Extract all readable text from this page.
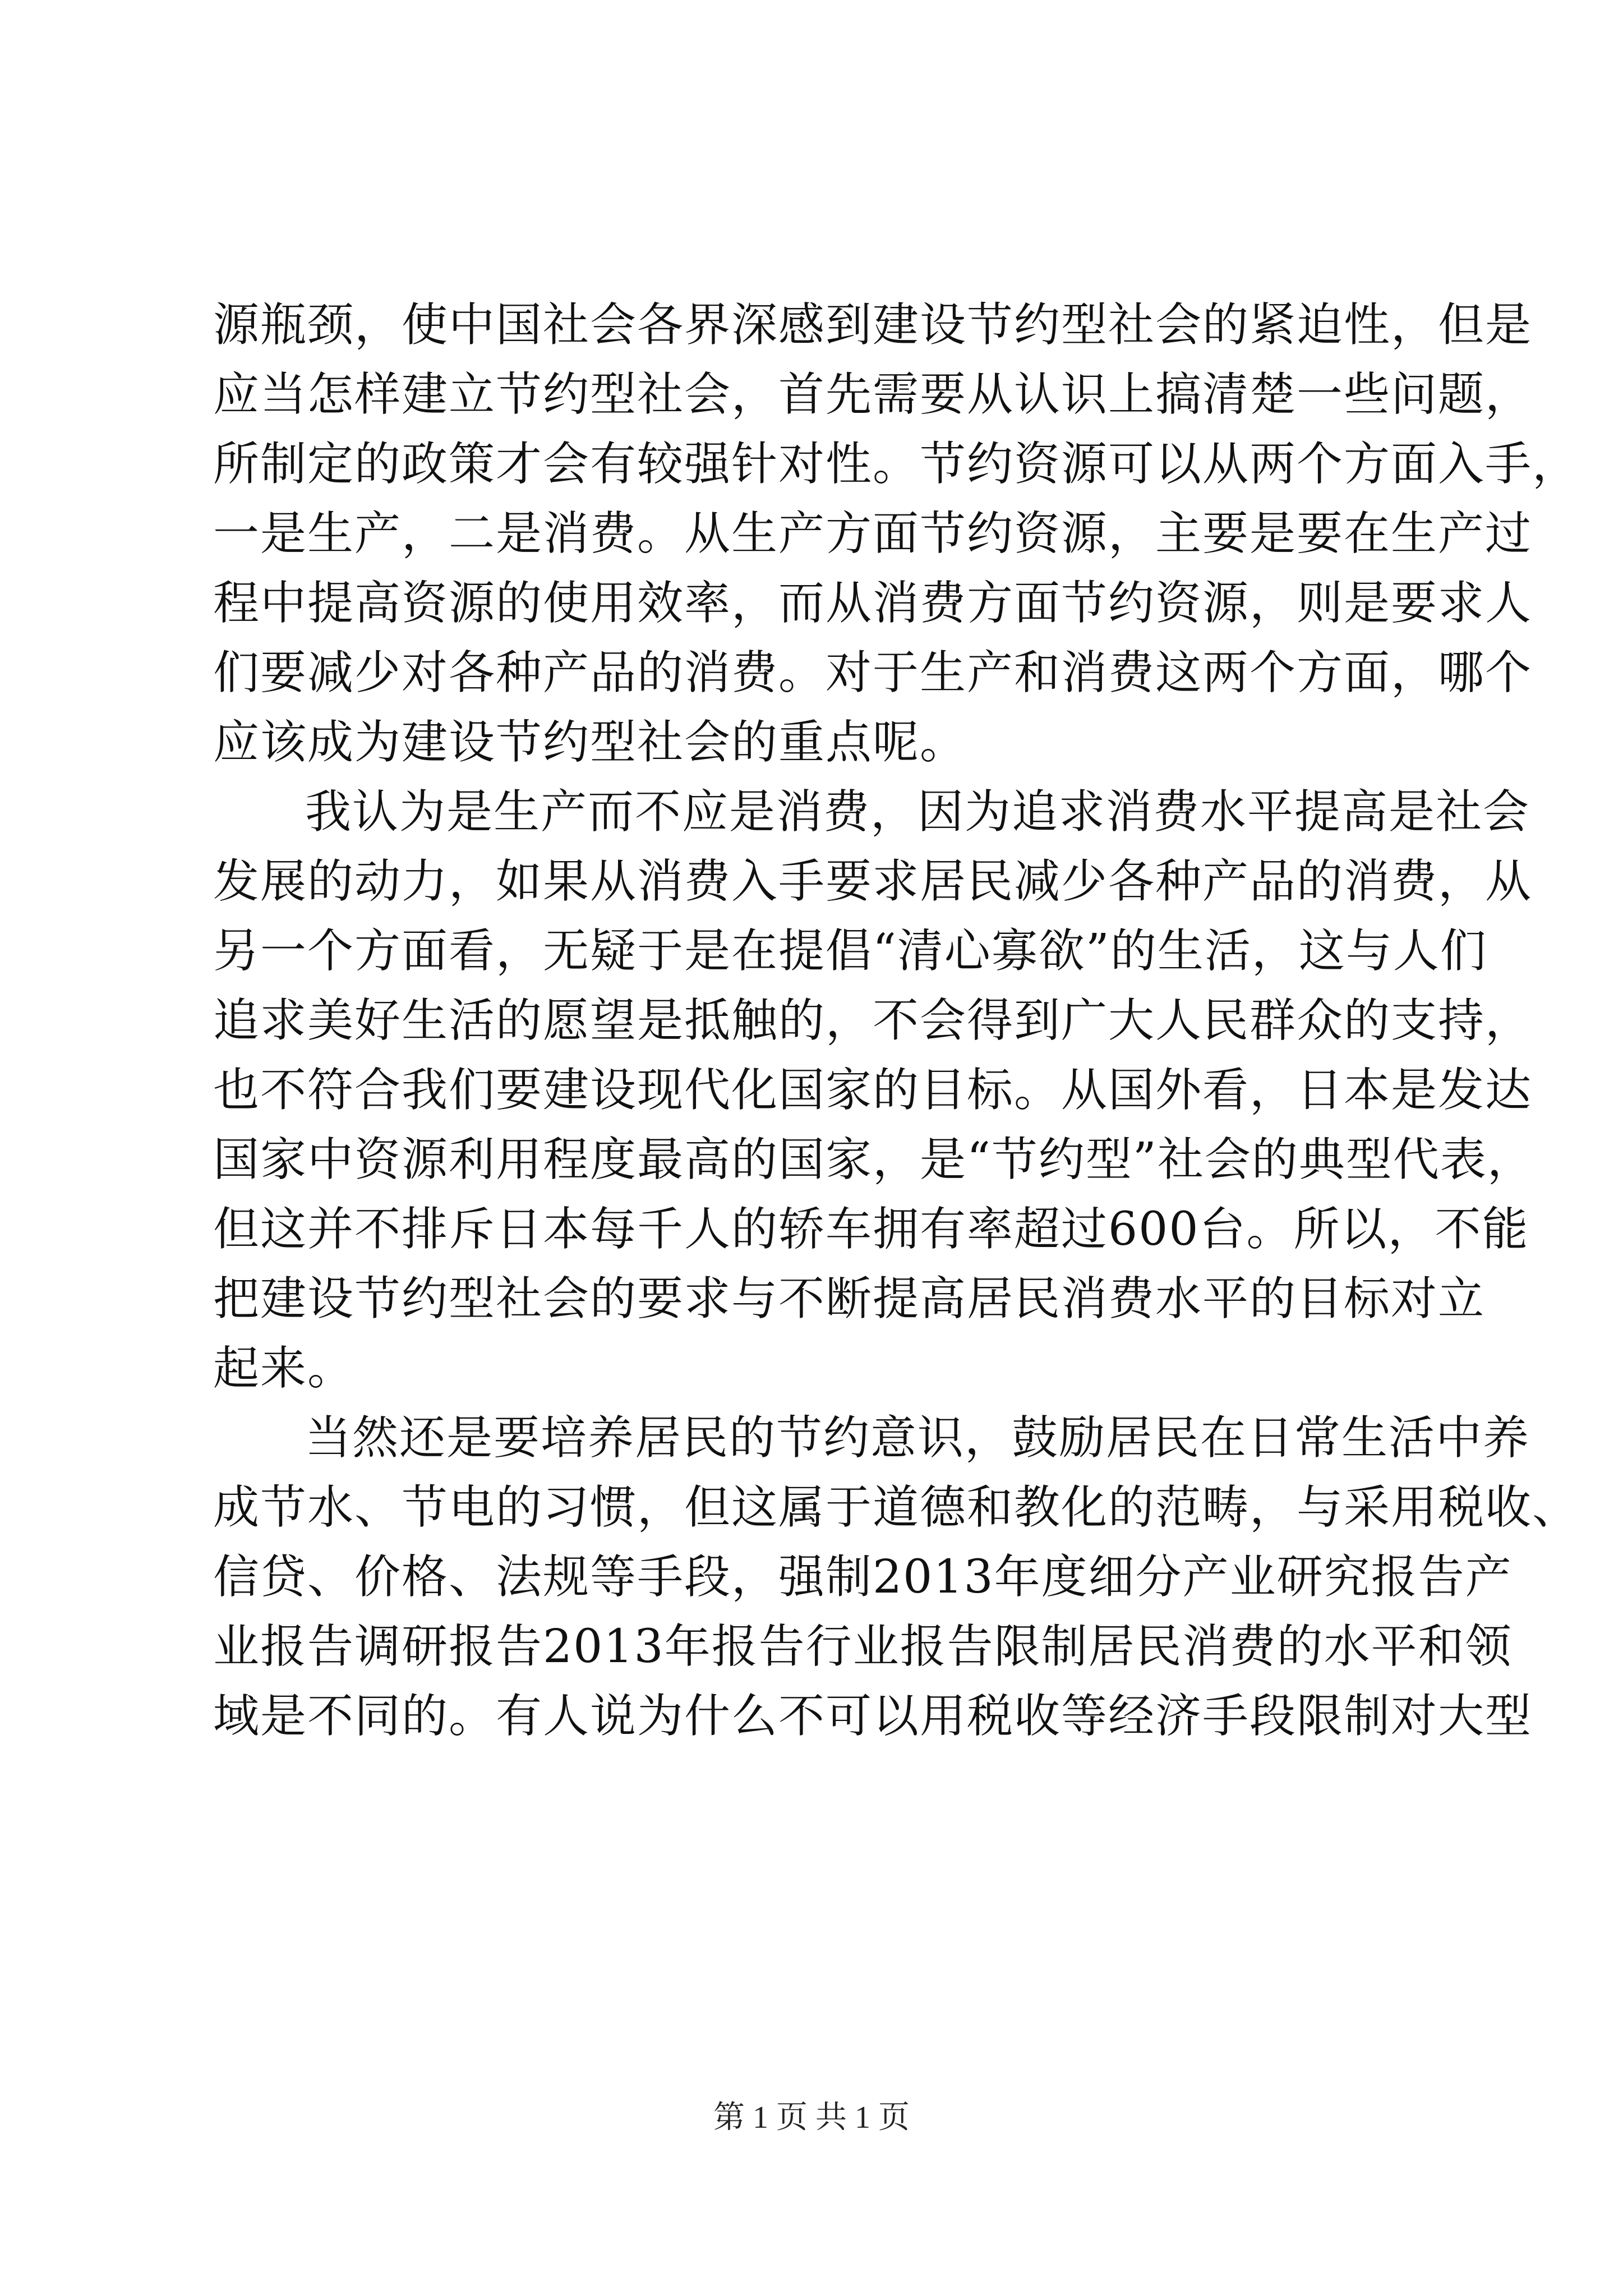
源瓶颈，使中国社会各界深感到建设节约型社会的紧迫性，但是
应当怎样建立节约型社会，首先需要从认识上搞清楚一些问题，
所制定的政策才会有较强针对性。节约资源可以从两个方面入手，
一是生产，二是消费。从生产方面节约资源，主要是要在生产过
程中提高资源的使用效率，而从消费方面节约资源，则是要求人
们要减少对各种产品的消费。对于生产和消费这两个方面，哪个
应该成为建设节约型社会的重点呢。
我认为是生产而不应是消费，因为追求消费水平提高是社会
发展的动力，如果从消费入手要求居民减少各种产品的消费，从
另一个方面看，无疑于是在提倡“清心寡欲”的生活，这与人们
追求美好生活的愿望是抵触的，不会得到广大人民群众的支持，
也不符合我们要建设现代化国家的目标。从国外看，日本是发达
国家中资源利用程度最高的国家，是“节约型”社会的典型代表，
但这并不排斥日本每千人的轿车拥有率超过600台。所以，不能
把建设节约型社会的要求与不断提高居民消费水平的目标对立
起来。
当然还是要培养居民的节约意识，鼓励居民在日常生活中养
成节水、节电的习惯，但这属于道德和教化的范畴，与采用税收、
信贷、价格、法规等手段，强制2013年度细分产业研究报告产
业报告调研报告2013年报告行业报告限制居民消费的水平和领
域是不同的。有人说为什么不可以用税收等经济手段限制对大型
第 1 页 共 1 页
